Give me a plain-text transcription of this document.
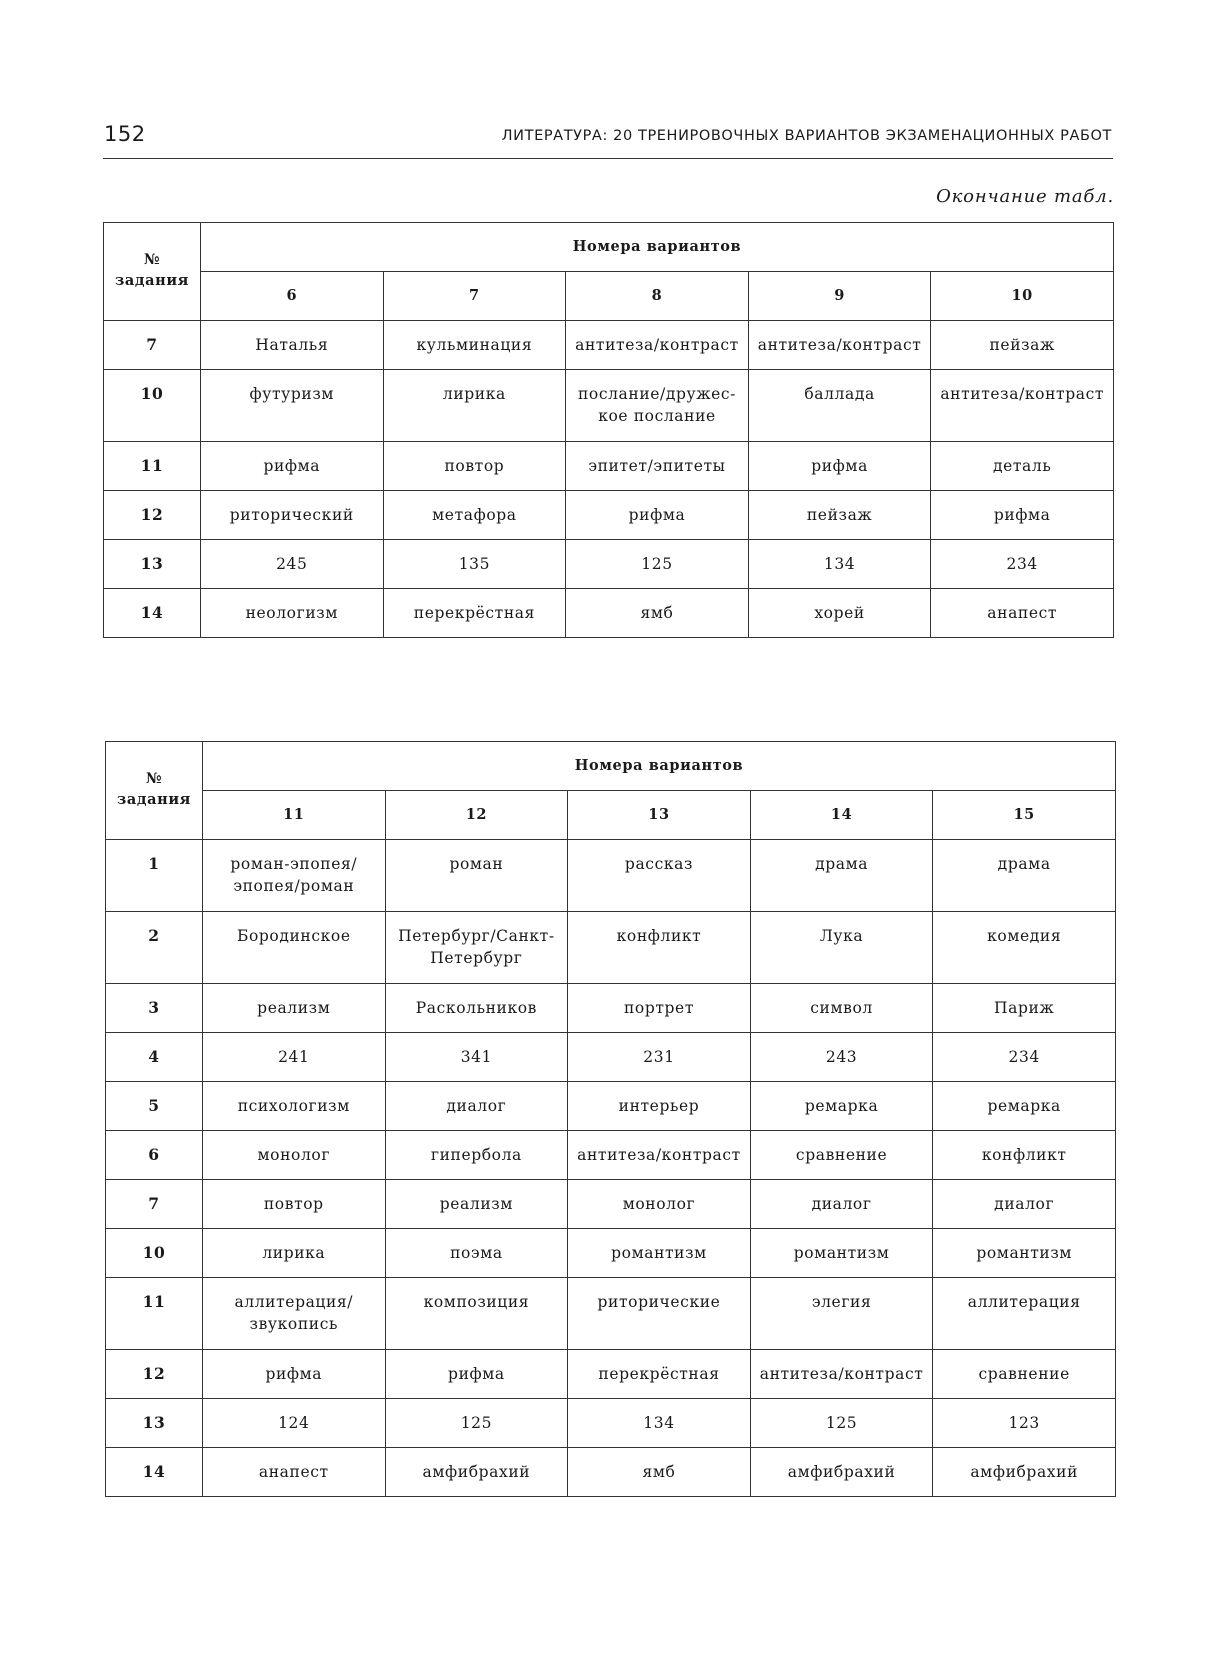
152	ЛИТЕРАТУРА: 20 ТРЕНИРОВОЧНЫХ ВАРИАНТОВ ЭКЗАМЕНАЦИОННЫХ РАБОТ
Окончание табл.
№
задания	Номера вариантов				
	6	7	8	9	10

7	Наталья	кульминация	антитеза/контраст	антитеза/контраст	пейзаж

10	футуризм	лирика	послание/дружес-
кое послание	баллада	антитеза/контраст

11	рифма	повтор	эпитет/эпитеты	рифма	деталь

12	риторический	метафора	рифма	пейзаж	рифма

13	245	135	125	134	234

14	неологизм	перекрёстная	ямб	хорей	анапест
№
задания	Номера вариантов				
	11	12	13	14	15

1	роман-эпопея/
эпопея/роман	роман	рассказ	драма	драма

2	Бородинское	Петербург/Санкт-
Петербург	конфликт	Лука	комедия

3	реализм	Раскольников	портрет	символ	Париж

4	241	341	231	243	234

5	психологизм	диалог	интерьер	ремарка	ремарка

6	монолог	гипербола	антитеза/контраст	сравнение	конфликт

7	повтор	реализм	монолог	диалог	диалог

10	лирика	поэма	романтизм	романтизм	романтизм

11	аллитерация/
звукопись	композиция	риторические	элегия	аллитерация

12	рифма	рифма	перекрёстная	антитеза/контраст	сравнение

13	124	125	134	125	123

14	анапест	амфибрахий	ямб	амфибрахий	амфибрахий
